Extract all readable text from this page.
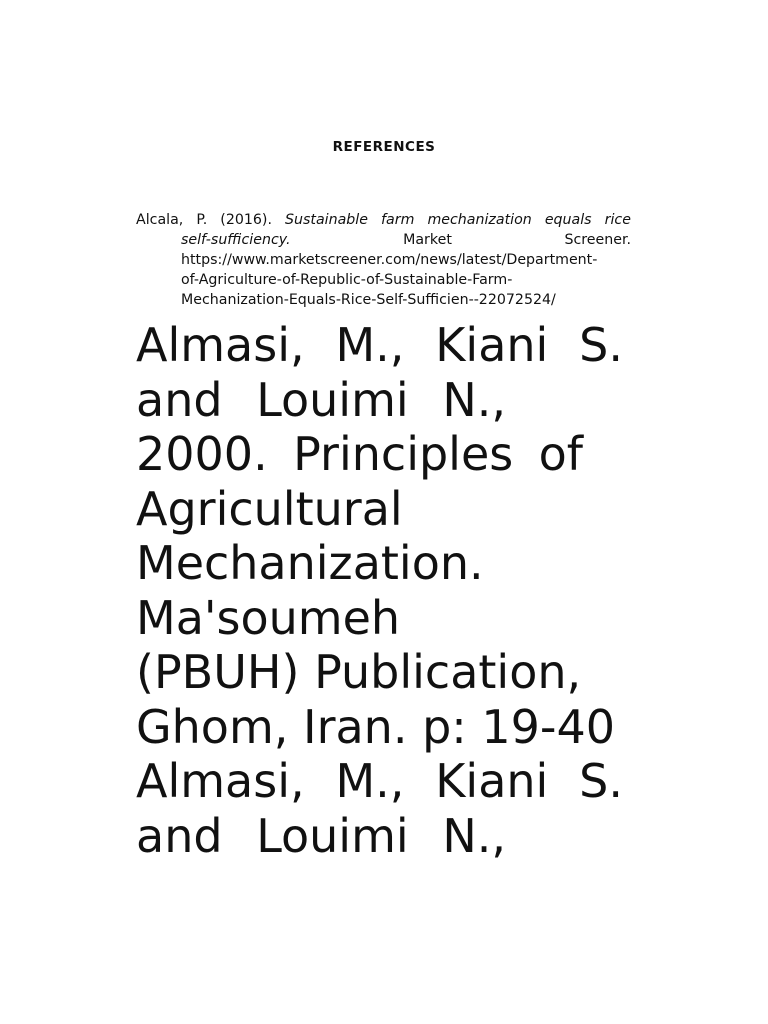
REFERENCES
Alcala, P. (2016). Sustainable farm mechanization equals rice
self-sufficiency.	Market	Screener.
https://www.marketscreener.com/news/latest/Department-
of-Agriculture-of-Republic-of-Sustainable-Farm-
Mechanization-Equals-Rice-Self-Sufficien--22072524/
Almasi, M., Kiani S.
and Louimi N.,
2000. Principles of
Agricultural
Mechanization.
Ma'soumeh
(PBUH) Publication,
Ghom, Iran. p: 19-40
Almasi, M., Kiani S.
and Louimi N.,
